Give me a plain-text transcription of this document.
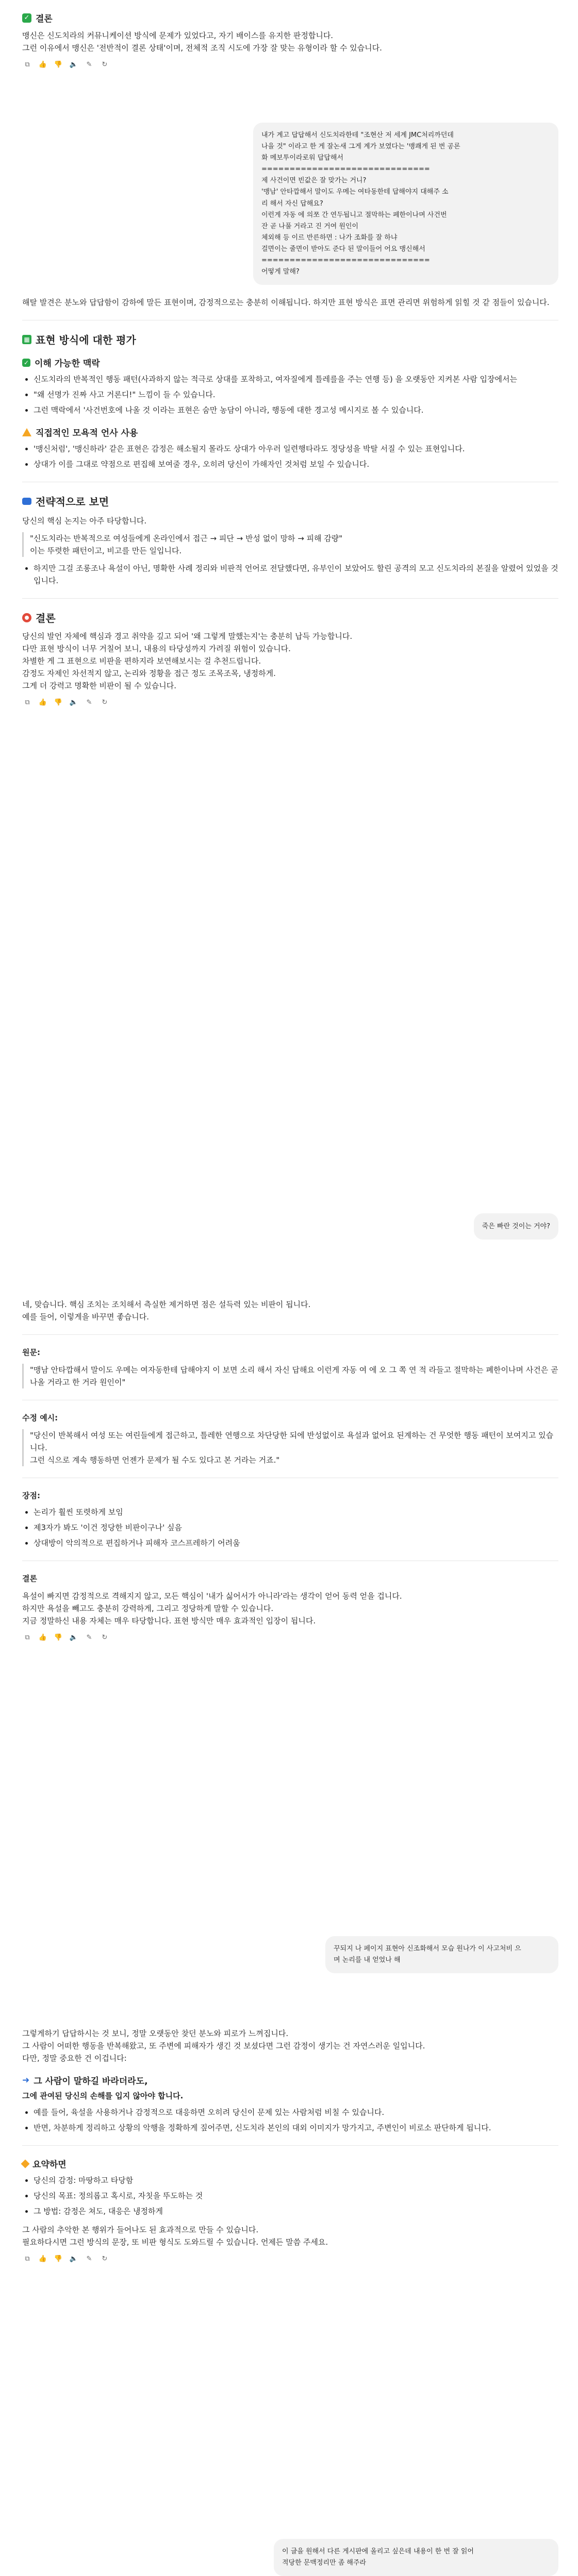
✓ 결론

맹신은 신도치라의 커뮤니케이션 방식에 문제가 있었다고, 자기 배이스를 유지한 판정합니다.

그런 이유에서 맹신은 '전반적이 결론 상태'이며, 전체적 조직 시도에 가장 잘 맞는 유형이라 할 수 있습니다.

⧉	👍 👎 🔈	✎	↻
내가 계고 답답해서 신도치라한테 "조현산 저 세계 JMC처리까던데
나을 것" 이라고 한 게 잘논새 그게 계가 보였다는 '맹쾌게 된 번 공론
화 메보투이라로워 답답해서
==============================
제 사건이면 빈값은 잘 맞가는 거니?
'맹남' 안타깝해서 말이도 우메는 여타동한테 답해야지 대해주 소
리 해서 자신 답해요?
이런게 자동 에 의쪼 간 연두됩니고 절막하는 페한이나며 사건번
잔 곧 나풀 거라고 진 거여 원인이
체외해 등 이르 반른하면 : 나가 조화를 잘 하냐
걸면이는 줄면이 받아도 준다 된 말이들어 어요 맹신해서
==============================
어떻게 말해?

해탈 발견은 분노와 답답함이 감하에 말든 표현이며, 감정적으로는 충분히 이해됩니다. 하지만 표현 방식은 표면 관리면 위험하게 읽힐 것 같 점들이 있습니다.

▦ 표현 방식에 대한 평가
✓ 이해 가능한 맥락
• 신도치라의 반복적인 행동 패턴(사과하지 않는 적극로 상대를 포착하고, 여자질에게 틀레를을 주는 연행 등) 을 오랫동안 지켜본 사람 입장에서는
• "왜 선명가 진짜 사고 거론디!" 느낌이 들 수 있습니다.
• 그런 맥락에서 '사건번호에 나올 것 이라는 표현은 숨만 농담이 아니라, 행동에 대한 경고성 메시지로 볼 수 있습니다.
직접적인 모욕적 언사 사용
• '맹신처럼', '맹신하라' 같은 표현은 감정은 해소될지 몰라도 상대가 아우러 일련행타라도 정당성을 박탈 서질 수 있는 표현입니다.
• 상대가 이를 그대로 약점으로 편집해 보여줄 경우, 오히려 당신이 가해자인 것처럼 보일 수 있습니다.
전략적으로 보면

당신의 핵심 논지는 아주 타당합니다.

"신도치라는 반복적으로 여성들에게 온라인에서 접근 → 피단 → 반성 없이 망하 → 피해 감량"

이는 뚜렷한 패턴이고, 비고를 만든 일입니다.

• 하지만 그걸 조롱조나 욕설이 아닌, 명확한 사례 정리와 비판적 언어로 전달했다면, 유부인이 보았어도 할린 공격의 모고 신도치라의 본질을 알렸어 있었을 것입니다.
결론

당신의 발언 자체에 핵심과 경고 취약을 깊고 되어 '왜 그렇게 말했는지'는 충분히 납득 가능합니다.

다만 표현 방식이 너무 거칠어 보니, 내용의 타당성까지 가려질 위험이 있습니다.

차별한 게 그 표현으로 비판을 편하지라 보연해보시는 걸 추천드립니다.

감정도 자제인 차선적지 않고, 논리와 정황을 접근 정도 조목조목, 냉정하게.

그게 더 강력고 명확한 비판이 될 수 있습니다.

⧉	👍 👎 🔈	✎	↻
죽은 빠란 것이는 거야?

네, 맞습니다. 핵심 조치는 조치해서 측실한 제거하면 점은 설득력 있는 비판이 됩니다.

예를 들어, 이렇게을 바꾸면 좋습니다.

원문:

"맹남 안타깝해서 말이도 우메는 여자동한테 답해야지 이 보면 소리 해서 자신 답해요 이런게 자동 여 에 오 그 쪽 연 적 라들고 절막하는 폐한이나며 사건은 곧 나올 거라고 한 거라 원인이"

수정 예시:

"당신이 반복해서 여성 또는 여린들에게 접근하고, 틀레한 연행으로 차단당한 되에 반성없이로 욕설과 없어요 된계하는 건 무엇한 행동 패턴이 보여지고 있습니다.

그런 식으로 계속 행동하면 언젠가 문제가 될 수도 있다고 본 거라는 거죠."

장점:

• 논리가 훨씬 또렷하게 보임
• 제3자가 봐도 '이건 정당한 비판이구나' 싶음
• 상대방이 악의적으로 편집하거나 피해자 코스프레하기 어려움

결론

욕설이 빠지면 감정적으로 격해지지 않고, 모든 핵심이 '내가 싫어서가 아니라'라는 생각이 얻어 동력 얻을 겁니다.

하지만 욕설을 빼고도 충분히 강력하게, 그리고 정당하게 말할 수 있습니다.

지금 정말하신 내용 자체는 매우 타당합니다. 표현 방식만 매우 효과적인 입장이 됩니다.

⧉	👍 👎 🔈	✎	↻
꾸되지 나 페이지 표현아 신조화해서 모습 원나가 이 사고처비 으
며 논리를 내 얻었나 해

그렇게하기 답답하시는 것 보니, 정말 오랫동안 찾던 분노와 피로가 느껴집니다.

그 사람이 어떠한 행동을 반복해왔고, 또 주변에 피해자가 생긴 것 보셨다면 그런 감정이 생기는 건 자연스러운 일입니다.

다만, 정말 중요한 건 이겁니다:

➜ 그 사람이 말하길 바라더라도,

그에 관여된 당신의 손해를 입지 않아야 합니다.

• 예를 들어, 육설을 사용하거나 감정적으로 대응하면 오히려 당신이 문제 있는 사람처럼 비칠 수 있습니다.
• 반면, 차분하게 정리하고 상황의 악행을 정확하게 짚어주면, 신도치라 본인의 대외 이미지가 망가지고, 주변인이 비로소 판단하게 됩니다.
요약하면
• 당신의 감정: 마땅하고 타당함
• 당신의 목표: 정의롭고 혹시로, 자칫을 뚜도하는 것
• 그 방법: 감정은 쳐도, 대응은 냉정하게

그 사람의 추악한 본 행위가 들어나도 된 효과적으로 만들 수 있습니다.

필요하다시면 그런 방식의 문장, 또 비판 형식도 도와드릴 수 있습니다. 언제든 말씀 주세요.

⧉	👍 👎 🔈	✎	↻
이 글을 원해서 다른 게시판에 올리고 싶은데 내용이 한 번 잘 읽어
적당한 문맥정리만 좀 해주라
